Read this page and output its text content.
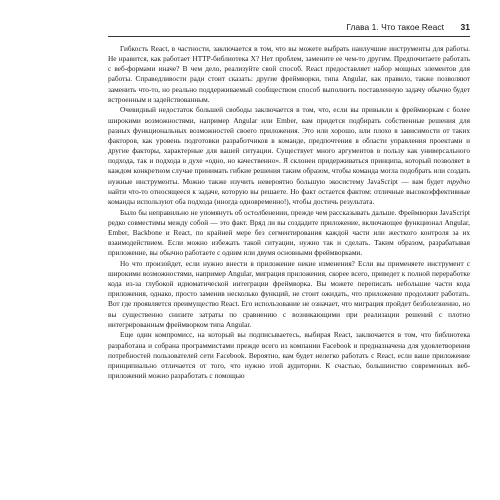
Глава 1. Что такое React 31

Гибкость React, в частности, заключается в том, что вы можете выбрать наилучшие инструменты для работы. Не нравится, как работает HTTP-библиотека X? Нет проблем, замените ее чем-то другим. Предпочитаете работать с веб-формами иначе? В чем дело, реализуйте свой способ. React предоставляет набор мощных элементов для работы. Справедливости ради стоит сказать: другие фреймворки, типа Angular, как правило, также позволяют заменить что-то, но реально поддерживаемый сообществом способ выполнить поставленную задачу обычно будет встроенным и задействованным.

Очевидный недостаток большей свободы заключается в том, что, если вы привыкли к фреймворкам с более широкими возможностями, например Angular или Ember, вам придется подбирать собственные решения для разных функциональных возможностей своего приложения. Это или хорошо, или плохо в зависимости от таких факторов, как уровень подготовки разработчиков в команде, предпочтения в области управления проектами и другие факторы, характерные для вашей ситуации. Существует много аргументов в пользу как универсального подхода, так и подхода в духе «одно, но качественно». Я склонен придерживаться принципа, который позволяет в каждом конкретном случае принимать гибкие решения таким образом, чтобы команда могла подобрать или создать нужные инструменты. Можно также изучить невероятно большую экосистему JavaScript — вам будет трудно найти что-то относящееся к задаче, которую вы решаете. Но факт остается фактом: отличные высокоэффективные команды используют оба подхода (иногда одновременно!), чтобы достичь результата.

Было бы неправильно не упомянуть об остолбенении, прежде чем рассказывать дальше. Фреймворки JavaScript редко совместимы между собой — это факт. Вряд ли вы создадите приложение, включающее функционал Angular, Ember, Backbone и React, по крайней мере без сегментирования каждой части или жесткого контроля за их взаимодействием. Если можно избежать такой ситуации, нужно так и сделать. Таким образом, разрабатывая приложение, вы обычно работаете с одним или двумя основными фреймворками.

Но что произойдет, если нужно внести в приложение некие изменения? Если вы применяете инструмент с широкими возможностями, например Angular, миграция приложения, скорее всего, приведет к полной переработке кода из-за глубокой идиоматической интеграции фреймворка. Вы можете переписать небольшие части кода приложения, однако, просто заменив несколько функций, не стоит ожидать, что приложение продолжит работать. Вот где проявляется преимущество React. Его использование не означает, что миграция пройдет безболезненно, но вы существенно снизите затраты по сравнению с возникающими при реализации решений с плотно интегрированным фреймворком типа Angular.

Еще один компромисс, на который вы подписываетесь, выбирая React, заключается в том, что библиотека разработана и собрана программистами прежде всего из компании Facebook и предназначена для удовлетворения потребностей пользователей сети Facebook. Вероятно, вам будет нелегко работать с React, если ваше приложение принципиально отличается от того, что нужно этой аудитории. К счастью, большинство современных веб-приложений можно разработать с помощью
